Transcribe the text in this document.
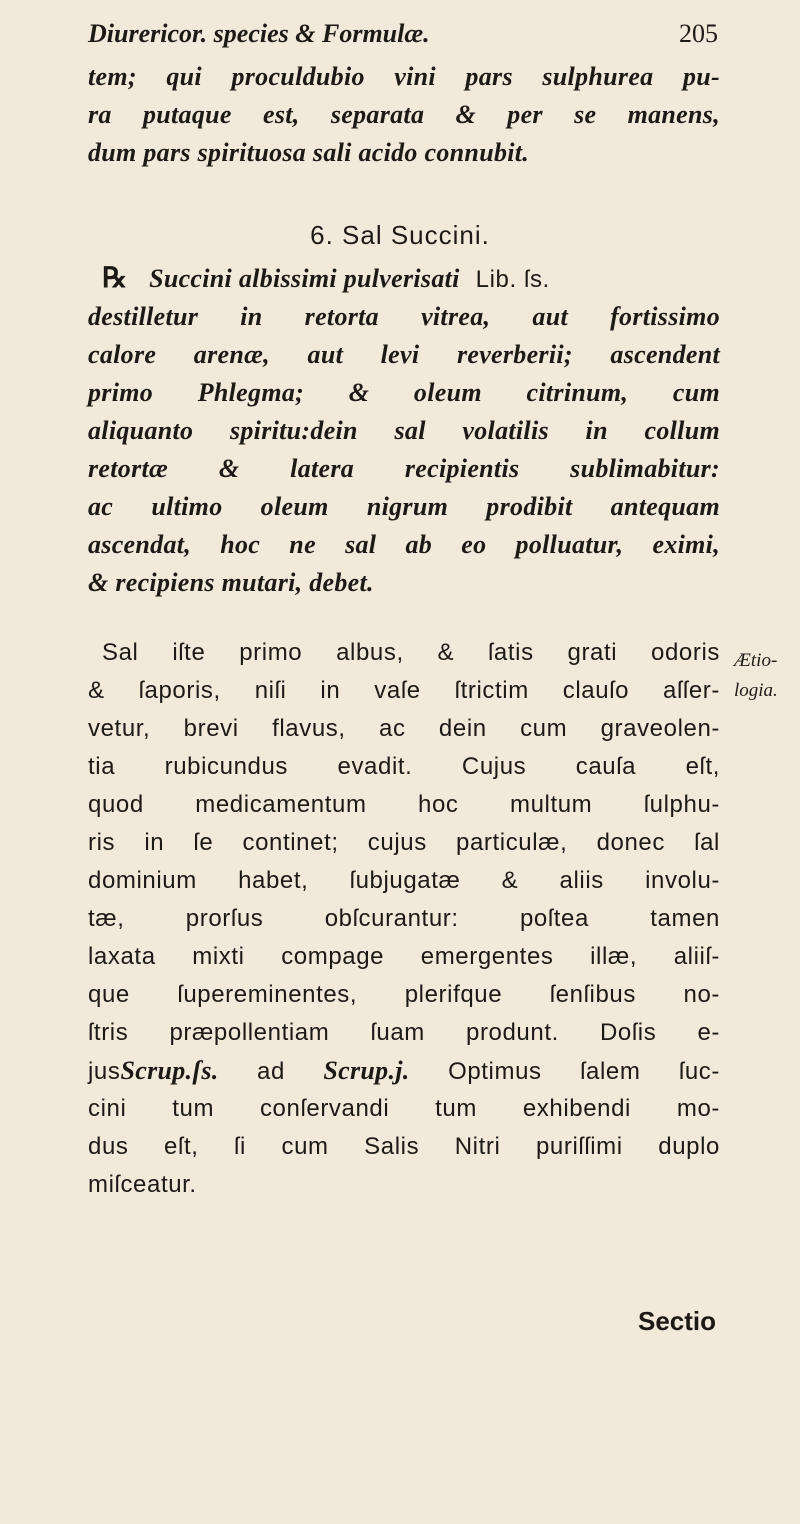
Diurericor. species & Formulæ.	205
tem; qui proculdubio vini pars sulphurea pu-
ra putaque est, separata & per se manens,
dum pars spirituosa sali acido connubit.
6. Sal Succini.
℞ Succini albissimi pulverisati Lib. ſs.
destilletur in retorta vitrea, aut fortissimo
calore arenæ, aut levi reverberii; ascendent
primo Phlegma; & oleum citrinum, cum
aliquanto spiritu:dein sal volatilis in collum
retortæ & latera recipientis sublimabitur:
ac ultimo oleum nigrum prodibit antequam
ascendat, hoc ne sal ab eo polluatur, eximi,
& recipiens mutari, debet.
Sal iſte primo albus, & ſatis grati odoris
& ſaporis, niſi in vaſe ſtrictim clauſo aſſer-
vetur, brevi flavus, ac dein cum graveolen-
tia rubicundus evadit. Cujus cauſa eſt,
quod medicamentum hoc multum ſulphu-
ris in ſe continet; cujus particulæ, donec ſal
dominium habet, ſubjugatæ & aliis involu-
tæ, prorſus obſcurantur: poſtea tamen
laxata mixti compage emergentes illæ, aliiſ-
que ſupereminentes, plerifque ſenſibus no-
ſtris præpollentiam ſuam produnt. Doſis e-
jusScrup.ſs. ad Scrup.j. Optimus ſalem ſuc-
cini tum conſervandi tum exhibendi mo-
dus eſt, ſi cum Salis Nitri puriſſimi duplo
miſceatur.
Ætio-
logia.
Sectio
